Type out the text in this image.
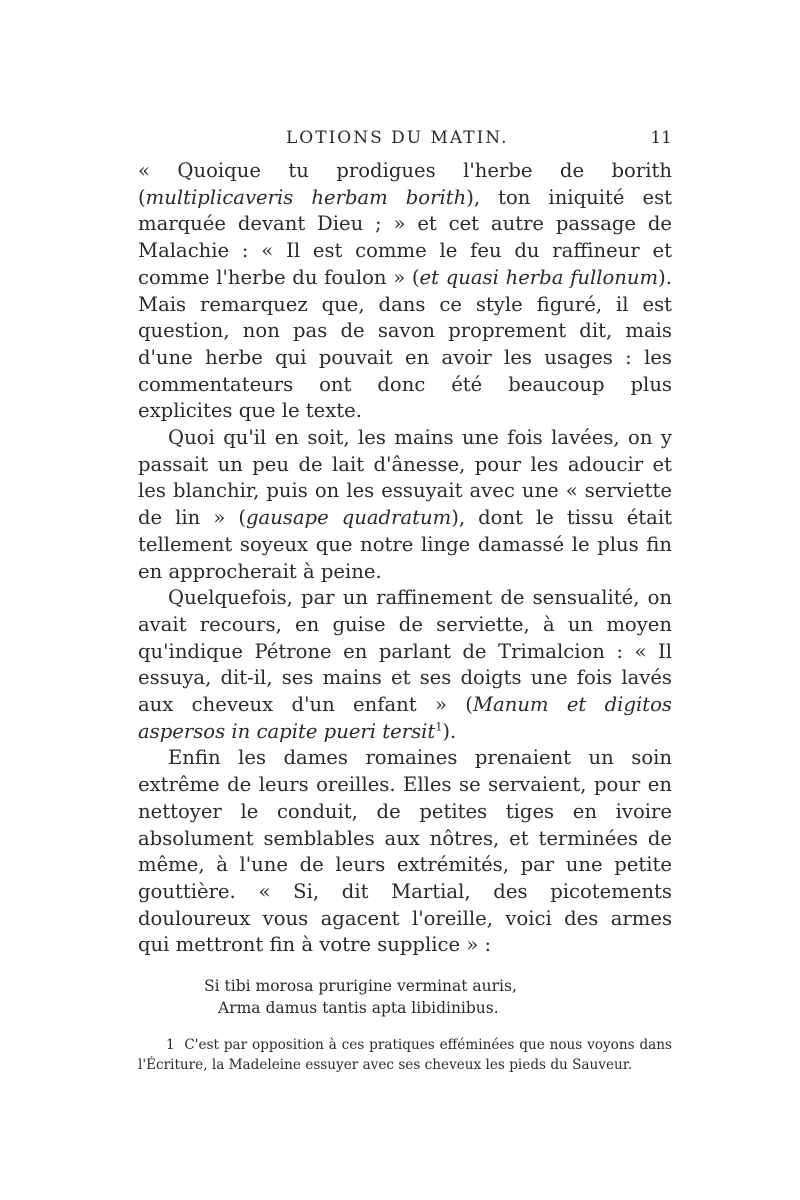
LOTIONS DU MATIN.	11

« Quoique tu prodigues l'herbe de borith (multiplicaveris herbam borith), ton iniquité est marquée devant Dieu ; » et cet autre passage de Malachie : « Il est comme le feu du raffineur et comme l'herbe du foulon » (et quasi herba fullonum). Mais remarquez que, dans ce style figuré, il est question, non pas de savon proprement dit, mais d'une herbe qui pouvait en avoir les usages : les commentateurs ont donc été beaucoup plus explicites que le texte.

Quoi qu'il en soit, les mains une fois lavées, on y passait un peu de lait d'ânesse, pour les adoucir et les blanchir, puis on les essuyait avec une « serviette de lin » (gausape quadratum), dont le tissu était tellement soyeux que notre linge damassé le plus fin en approcherait à peine.

Quelquefois, par un raffinement de sensualité, on avait recours, en guise de serviette, à un moyen qu'indique Pétrone en parlant de Trimalcion : « Il essuya, dit-il, ses mains et ses doigts une fois lavés aux cheveux d'un enfant » (Manum et digitos aspersos in capite pueri tersit$^1$).

Enfin les dames romaines prenaient un soin extrême de leurs oreilles. Elles se servaient, pour en nettoyer le conduit, de petites tiges en ivoire absolument semblables aux nôtres, et terminées de même, à l'une de leurs extrémités, par une petite gouttière. « Si, dit Martial, des picotements douloureux vous agacent l'oreille, voici des armes qui mettront fin à votre supplice » :

Si tibi morosa prurigine verminat auris,
Arma damus tantis apta libidinibus.
1 C'est par opposition à ces pratiques efféminées que nous voyons dans l'Écriture, la Madeleine essuyer avec ses cheveux les pieds du Sauveur.
